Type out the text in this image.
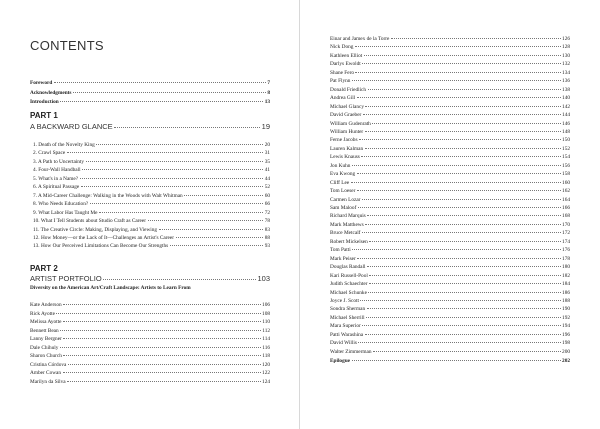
CONTENTS
Foreword	7
Acknowledgments	8
Introduction	13
PART 1
A BACKWARD GLANCE	19
1. Death of the Novelty King	20
2. Crawl Space	31
3. A Path to Uncertainty	35
4. Four-Wall Handball	41
5. What's in a Name?	44
6. A Spiritual Passage	52
7. A Mid-Career Challenge: Walking in the Woods with Walt Whitman	60
8. Who Needs Education?	66
9. What Labor Has Taught Me	72
10. What I Tell Students about Studio Craft as Career	78
11. The Creative Circle: Making, Displaying, and Viewing	83
12. How Money—or the Lack of It—Challenges an Artist's Career	88
13. How Our Perceived Limitations Can Become Our Strengths	93
PART 2
ARTIST PORTFOLIO	103
Diversity on the American Art/Craft Landscape: Artists to Learn From
Kate Anderson	106
Rick Ayotte	108
Melissa Ayotte	110
Bennett Bean	112
Lanny Bergner	114
Dale Chihuly	116
Sharon Church	118
Cristina Córdova	120
Amber Cowan	122
Marilyn da Silva	124
Einar and Jamex de la Torre	126
Nick Dong	128
Kathleen Elliot	130
Darlys Ewoldt	132
Shane Fero	134
Pat Flynn	136
Donald Friedlich	138
Andrea Gill	140
Michael Glancy	142
David Graeber	144
William Gudenrath	146
William Hunter	148
Ferne Jacobs	150
Lauren Kalman	152
Lewis Knauss	154
Jon Kuhn	156
Eva Kwong	158
Cliff Lee	160
Tom Loeser	162
Carmen Lozar	164
Sam Maloof	166
Richard Marquis	168
Mark Matthews	170
Bruce Metcalf	172
Robert Mickelsen	174
Tom Patti	176
Mark Peiser	178
Douglas Randall	180
Kari Russell-Pool	182
Judith Schaechter	184
Michael Schunke	186
Joyce J. Scott	188
Sondra Sherman	190
Michael Sherrill	192
Mara Superior	194
Patti Warashina	196
David Willis	198
Walter Zimmerman	200
Epilogue	202
